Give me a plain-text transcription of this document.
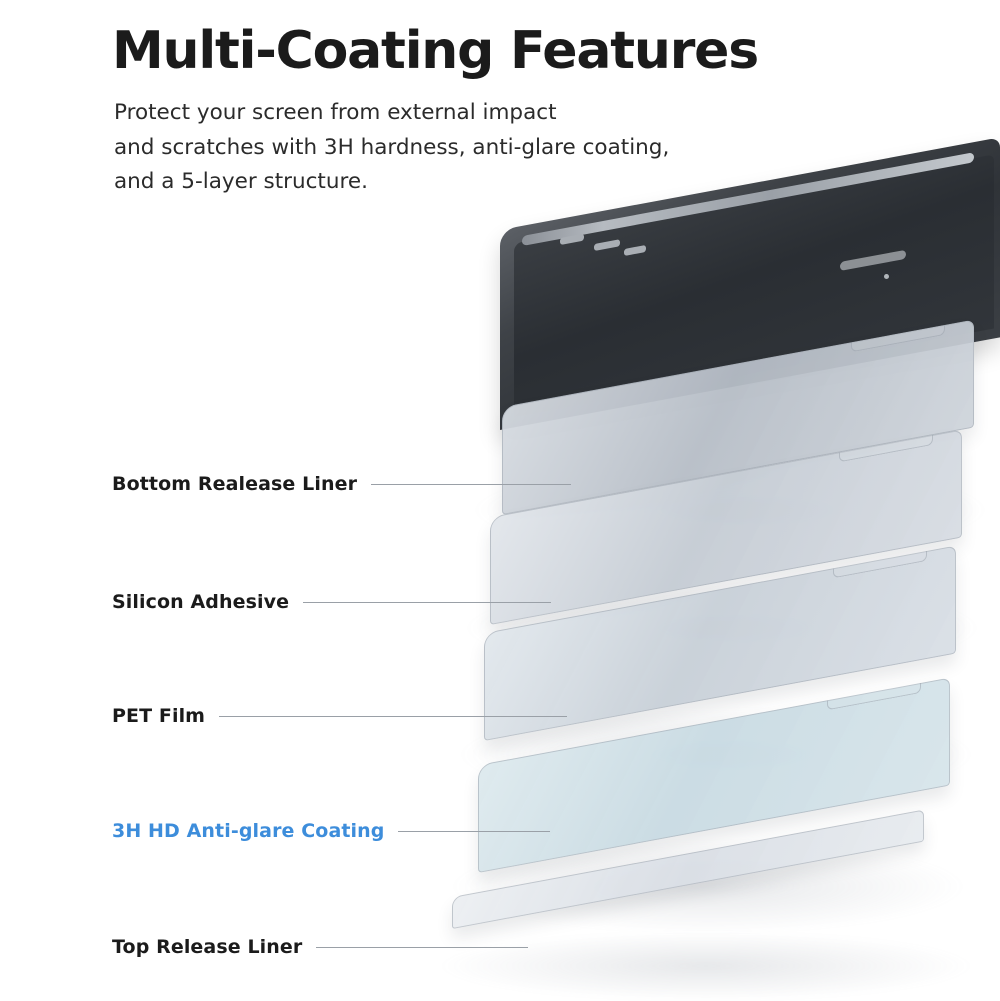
Multi-Coating Features

Protect your screen from external impact
and scratches with 3H hardness, anti-glare coating,
and a 5-layer structure.

Bottom Realease Liner
Silicon Adhesive
PET Film
3H HD Anti-glare Coating
Top Release Liner
